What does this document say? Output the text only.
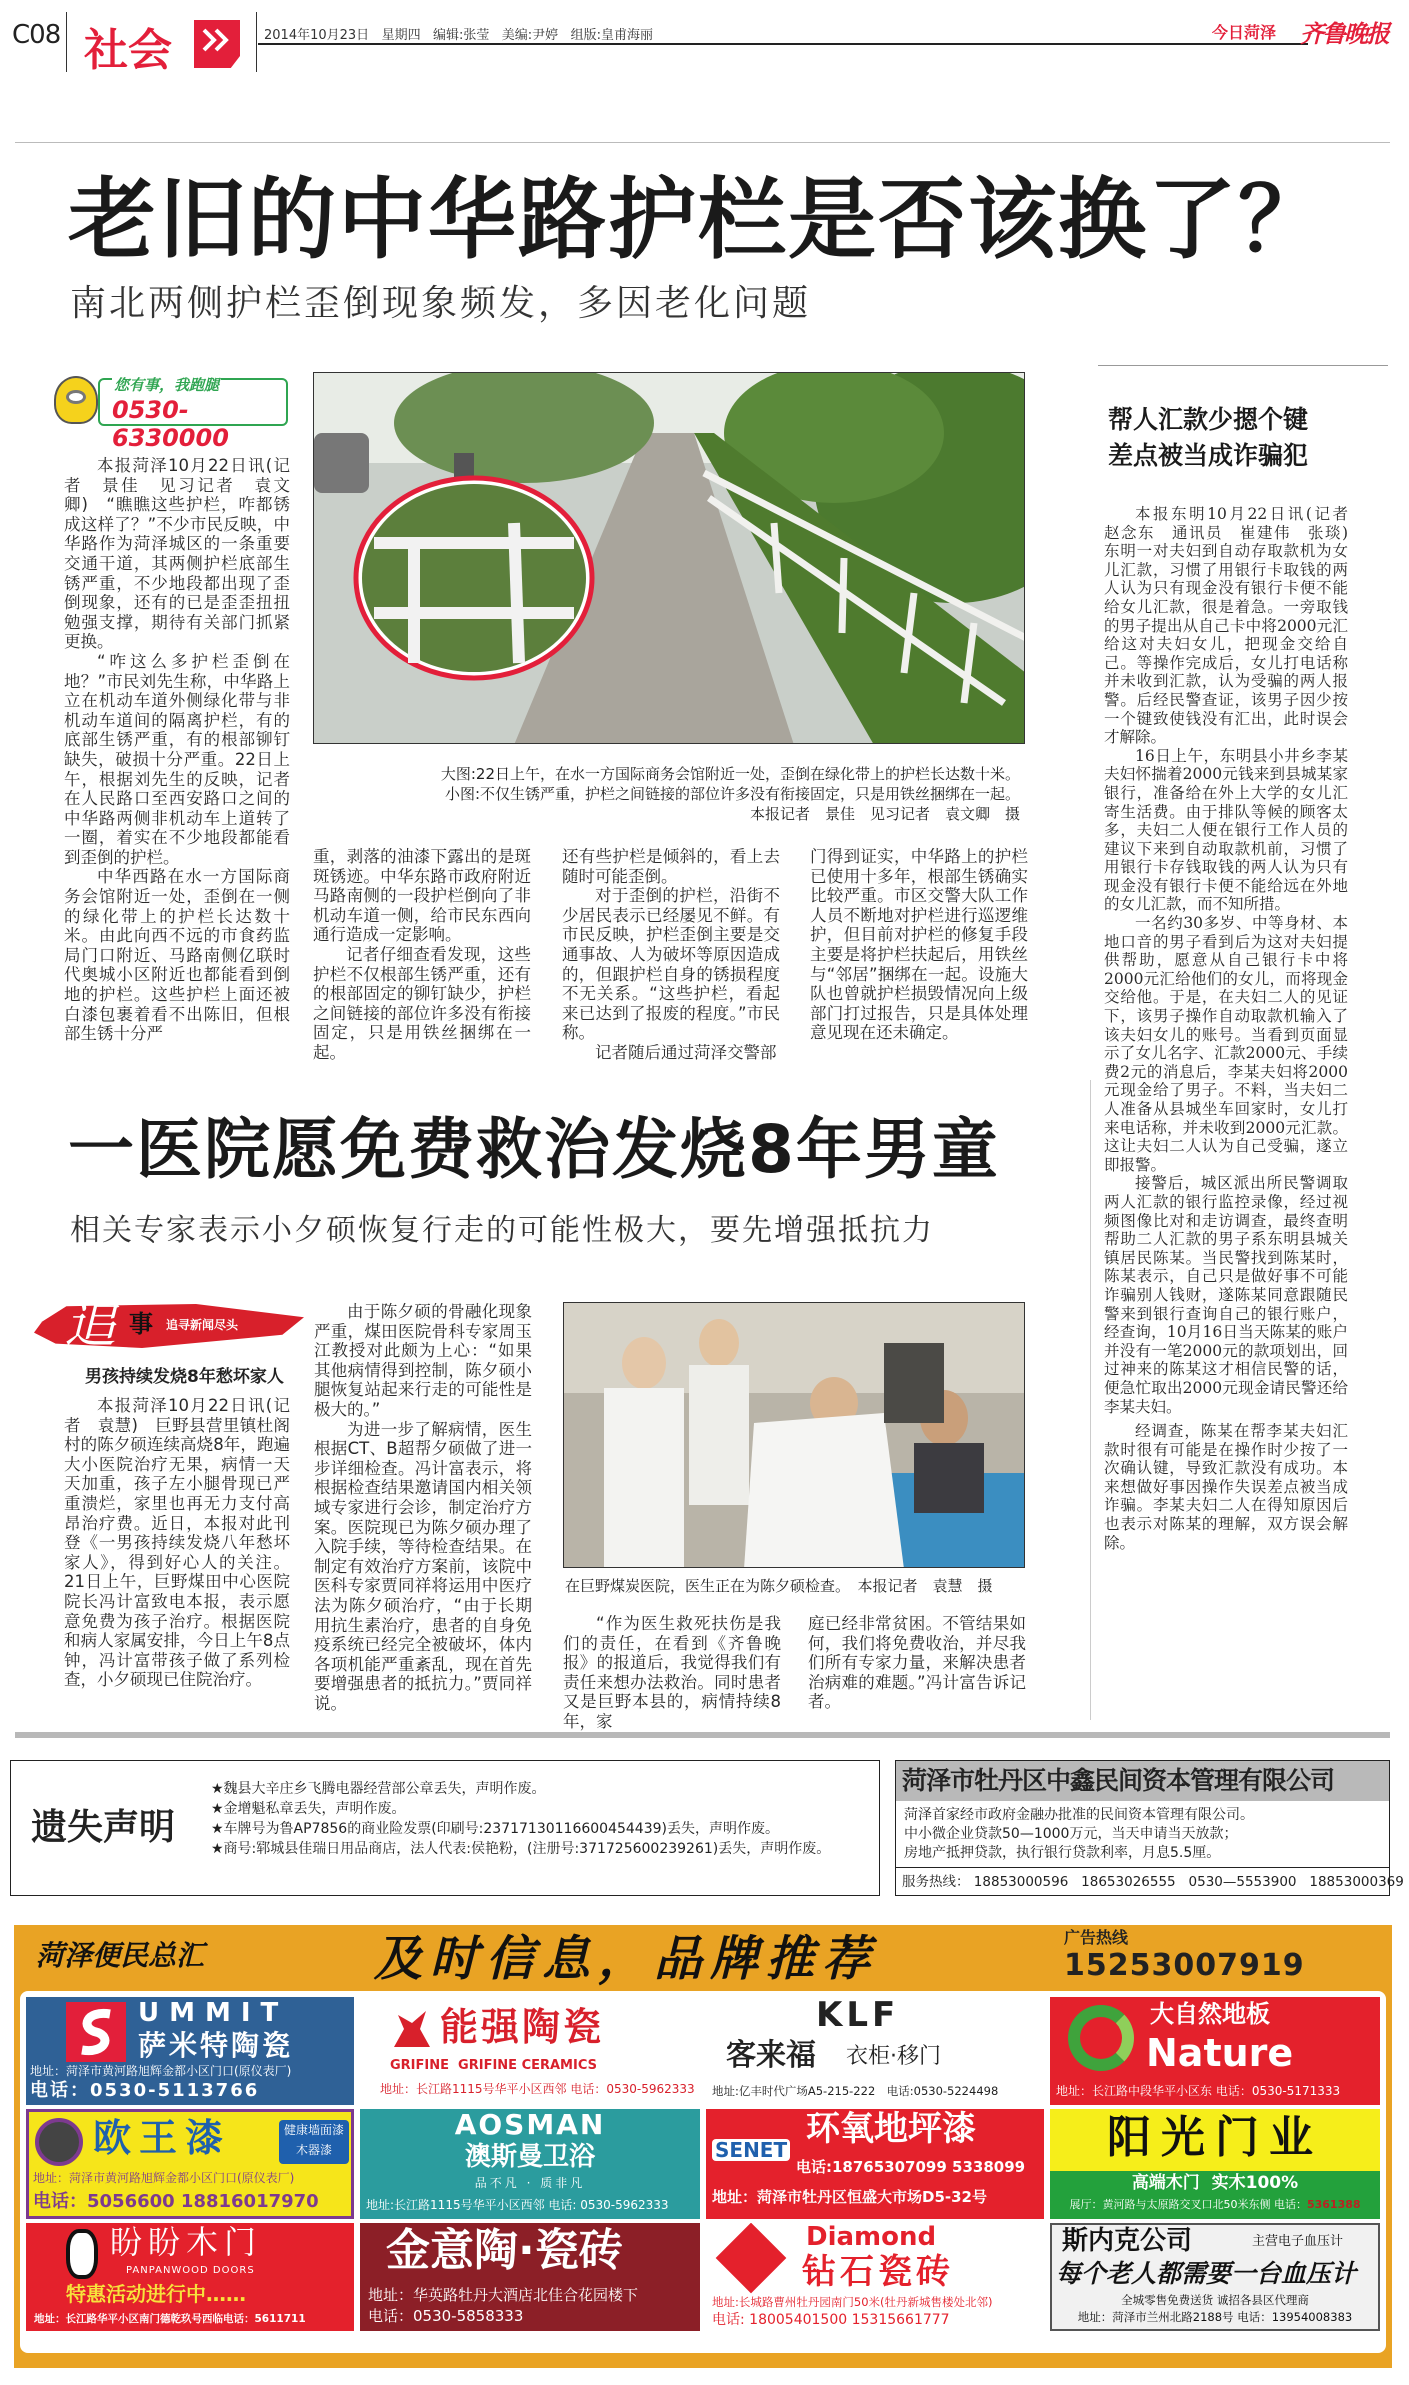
C08 社会	2014年10月23日 星期四 编辑:张莹 美编:尹婷 组版:皇甫海丽	今日菏泽 齐鲁晚报
老旧的中华路护栏是否该换了？
南北两侧护栏歪倒现象频发，多因老化问题
您有事，我跑腿
0530-6330000

本报菏泽10月22日讯(记者　景佳　见习记者　袁文卿)　“瞧瞧这些护栏，咋都锈成这样了？”不少市民反映，中华路作为菏泽城区的一条重要交通干道，其两侧护栏底部生锈严重，不少地段都出现了歪倒现象，还有的已是歪歪扭扭勉强支撑，期待有关部门抓紧更换。

“咋这么多护栏歪倒在地？”市民刘先生称，中华路上立在机动车道外侧绿化带与非机动车道间的隔离护栏，有的底部生锈严重，有的根部铆钉缺失，破损十分严重。22日上午，根据刘先生的反映，记者在人民路口至西安路口之间的中华路两侧非机动车上道转了一圈，着实在不少地段都能看到歪倒的护栏。

中华西路在水一方国际商务会馆附近一处，歪倒在一侧的绿化带上的护栏长达数十米。由此向西不远的市食药监局门口附近、马路南侧亿联时代奥城小区附近也都能看到倒地的护栏。这些护栏上面还被白漆包裹着看不出陈旧，但根部生锈十分严

大图:22日上午，在水一方国际商务会馆附近一处，歪倒在绿化带上的护栏长达数十米。
小图:不仅生锈严重，护栏之间链接的部位许多没有衔接固定，只是用铁丝捆绑在一起。
本报记者　景佳　见习记者　袁文卿　摄

重，剥落的油漆下露出的是斑斑锈迹。中华东路市政府附近马路南侧的一段护栏倒向了非机动车道一侧，给市民东西向通行造成一定影响。

记者仔细查看发现，这些护栏不仅根部生锈严重，还有的根部固定的铆钉缺少，护栏之间链接的部位许多没有衔接固定，只是用铁丝捆绑在一起。

还有些护栏是倾斜的，看上去随时可能歪倒。

对于歪倒的护栏，沿街不少居民表示已经屡见不鲜。有市民反映，护栏歪倒主要是交通事故、人为破坏等原因造成的，但跟护栏自身的锈损程度不无关系。“这些护栏，看起来已达到了报废的程度。”市民称。

记者随后通过菏泽交警部

门得到证实，中华路上的护栏已使用十多年，根部生锈确实比较严重。市区交警大队工作人员不断地对护栏进行巡逻维护，但目前对护栏的修复手段主要是将护栏扶起后，用铁丝与“邻居”捆绑在一起。设施大队也曾就护栏损毁情况向上级部门打过报告，只是具体处理意见现在还未确定。

帮人汇款少摁个键
差点被当成诈骗犯

本报东明10月22日讯(记者　赵念东　通讯员　崔建伟　张琰)　东明一对夫妇到自动存取款机为女儿汇款，习惯了用银行卡取钱的两人认为只有现金没有银行卡便不能给女儿汇款，很是着急。一旁取钱的男子提出从自己卡中将2000元汇给这对夫妇女儿，把现金交给自己。等操作完成后，女儿打电话称并未收到汇款，认为受骗的两人报警。后经民警查证，该男子因少按一个键致使钱没有汇出，此时误会才解除。

16日上午，东明县小井乡李某夫妇怀揣着2000元钱来到县城某家银行，准备给在外上大学的女儿汇寄生活费。由于排队等候的顾客太多，夫妇二人便在银行工作人员的建议下来到自动取款机前，习惯了用银行卡存钱取钱的两人认为只有现金没有银行卡便不能给远在外地的女儿汇款，而不知所措。

一名约30多岁、中等身材、本地口音的男子看到后为这对夫妇提供帮助，愿意从自己银行卡中将2000元汇给他们的女儿，而将现金交给他。于是，在夫妇二人的见证下，该男子操作自动取款机输入了该夫妇女儿的账号。当看到页面显示了女儿名字、汇款2000元、手续费2元的消息后，李某夫妇将2000元现金给了男子。不料，当夫妇二人准备从县城坐车回家时，女儿打来电话称，并未收到2000元汇款。这让夫妇二人认为自己受骗，遂立即报警。

接警后，城区派出所民警调取两人汇款的银行监控录像，经过视频图像比对和走访调查，最终查明帮助二人汇款的男子系东明县城关镇居民陈某。当民警找到陈某时，陈某表示，自己只是做好事不可能诈骗别人钱财，遂陈某同意跟随民警来到银行查询自己的银行账户，经查询，10月16日当天陈某的账户并没有一笔2000元的款项划出，回过神来的陈某这才相信民警的话，便急忙取出2000元现金请民警还给李某夫妇。

经调查，陈某在帮李某夫妇汇款时很有可能是在操作时少按了一次确认键，导致汇款没有成功。本来想做好事因操作失误差点被当成诈骗。李某夫妇二人在得知原因后也表示对陈某的理解，双方误会解除。

一医院愿免费救治发烧8年男童
相关专家表示小夕硕恢复行走的可能性极大，要先增强抵抗力
追 事 追寻新闻尽头
男孩持续发烧8年愁坏家人

本报菏泽10月22日讯(记者　袁慧)　巨野县营里镇杜阁村的陈夕硕连续高烧8年，跑遍大小医院治疗无果，病情一天天加重，孩子左小腿骨现已严重溃烂，家里也再无力支付高昂治疗费。近日，本报对此刊登《一男孩持续发烧八年愁坏家人》，得到好心人的关注。21日上午，巨野煤田中心医院院长冯计富致电本报，表示愿意免费为孩子治疗。根据医院和病人家属安排，今日上午8点钟，冯计富带孩子做了系列检查，小夕硕现已住院治疗。

由于陈夕硕的骨融化现象严重，煤田医院骨科专家周玉江教授对此颇为上心：“如果其他病情得到控制，陈夕硕小腿恢复站起来行走的可能性是极大的。”

为进一步了解病情，医生根据CT、B超帮夕硕做了进一步详细检查。冯计富表示，将根据检查结果邀请国内相关领域专家进行会诊，制定治疗方案。医院现已为陈夕硕办理了入院手续，等待检查结果。在制定有效治疗方案前，该院中医科专家贾同祥将运用中医疗法为陈夕硕治疗，“由于长期用抗生素治疗，患者的自身免疫系统已经完全被破坏，体内各项机能严重紊乱，现在首先要增强患者的抵抗力。”贾同祥说。

在巨野煤炭医院，医生正在为陈夕硕检查。　本报记者　袁慧　摄

“作为医生救死扶伤是我们的责任，在看到《齐鲁晚报》的报道后，我觉得我们有责任来想办法救治。同时患者又是巨野本县的，病情持续8年，家

庭已经非常贫困。不管结果如何，我们将免费收治，并尽我们所有专家力量，来解决患者治病难的难题。”冯计富告诉记者。

遗失声明
★魏县大辛庄乡飞腾电器经营部公章丢失，声明作废。
★金增魁私章丢失，声明作废。
★车牌号为鲁AP7856的商业险发票(印刷号:23717130116600454439)丢失，声明作废。
★商号:郓城县佳瑞日用品商店，法人代表:侯艳粉，(注册号:371725600239261)丢失，声明作废。
菏泽市牡丹区中鑫民间资本管理有限公司
菏泽首家经市政府金融办批准的民间资本管理有限公司。
中小微企业贷款50—1000万元，当天申请当天放款；
房地产抵押贷款，执行银行贷款利率，月息5.5厘。
服务热线： 18853000596 18653026555 0530—5553900 18853000369
菏泽便民总汇	及时信息，品牌推荐	广告热线
15253007919
UMMIT
萨米特陶瓷
地址：菏泽市黄河路旭辉金都小区门口(原仪表厂)
电话：0530-5113766
能强陶瓷
GRIFINE  GRIFINE CERAMICS
地址：长江路1115号华平小区西邻 电话：0530-5962333
KLF
客来福 衣柜·移门
地址:亿丰时代广场A5-215-222　电话:0530-5224498
大自然地板
Nature
地址：长江路中段华平小区东 电话：0530-5171333
欧王漆	健康墙面漆
木器漆
地址：菏泽市黄河路旭辉金都小区门口(原仪表厂)
电话：5056600 18816017970
AOSMAN
澳斯曼卫浴
品不凡 · 质非凡
地址:长江路1115号华平小区西邻 电话: 0530-5962333
SENET
环氧地坪漆
电话:18765307099 5338099
地址：菏泽市牡丹区恒盛大市场D5-32号
阳光门业
高端木门  实木100%
展厅：黄河路与太原路交叉口北50米东侧 电话：5361388
盼盼木门
PANPANWOOD DOORS
特惠活动进行中……
地址：长江路华平小区南门德乾玖号西临电话：5611711
金意陶·瓷砖
地址：华英路牡丹大酒店北佳合花园楼下
电话：0530-5858333
Diamond
钻石瓷砖
地址:长城路曹州牡丹园南门50米(牡丹新城售楼处北邻)
电话: 18005401500 15315661777
斯内克公司	主营电子血压计
每个老人都需要一台血压计
全城零售免费送货 诚招各县区代理商
地址：菏泽市兰州北路2188号 电话：13954008383
